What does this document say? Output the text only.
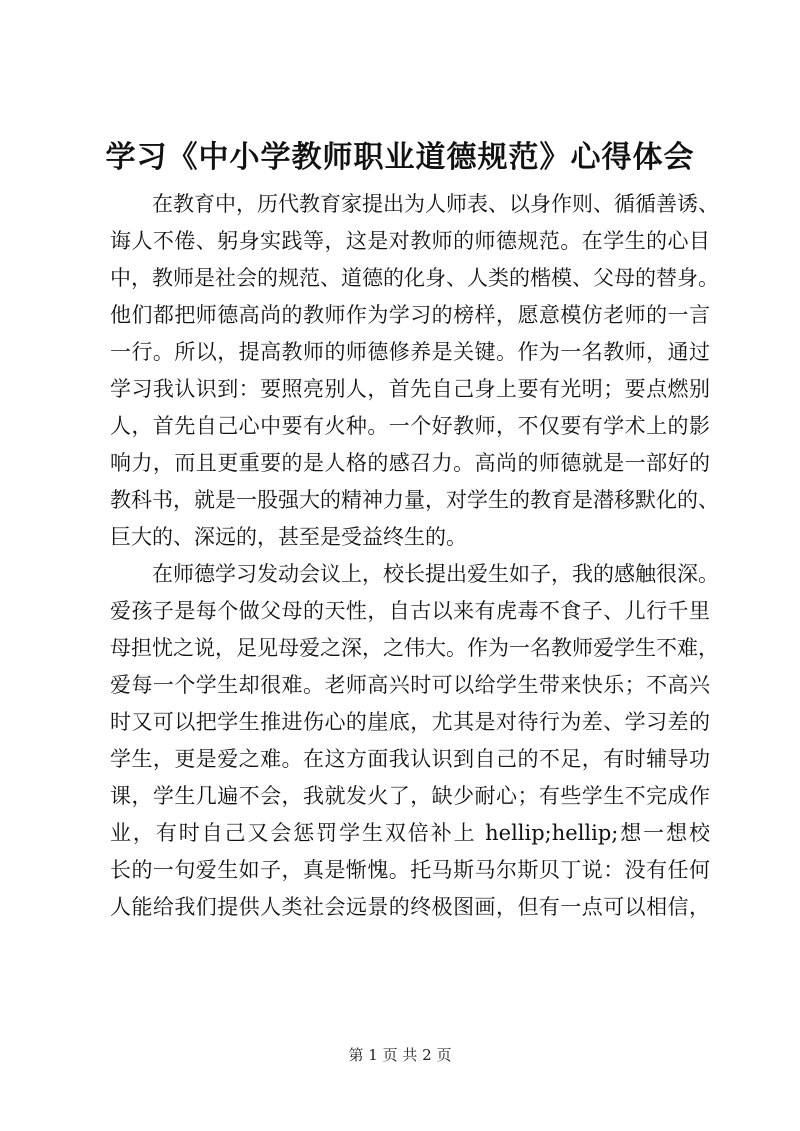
学习《中小学教师职业道德规范》心得体会
在教育中，历代教育家提出为人师表、以身作则、循循善诱、
诲人不倦、躬身实践等，这是对教师的师德规范。在学生的心目
中，教师是社会的规范、道德的化身、人类的楷模、父母的替身。
他们都把师德高尚的教师作为学习的榜样，愿意模仿老师的一言
一行。所以，提高教师的师德修养是关键。作为一名教师，通过
学习我认识到：要照亮别人，首先自己身上要有光明；要点燃别
人，首先自己心中要有火种。一个好教师，不仅要有学术上的影
响力，而且更重要的是人格的感召力。高尚的师德就是一部好的
教科书，就是一股强大的精神力量，对学生的教育是潜移默化的、
巨大的、深远的，甚至是受益终生的。
在师德学习发动会议上，校长提出爱生如子，我的感触很深。
爱孩子是每个做父母的天性，自古以来有虎毒不食子、儿行千里
母担忧之说，足见母爱之深，之伟大。作为一名教师爱学生不难，
爱每一个学生却很难。老师高兴时可以给学生带来快乐；不高兴
时又可以把学生推进伤心的崖底，尤其是对待行为差、学习差的
学生，更是爱之难。在这方面我认识到自己的不足，有时辅导功
课，学生几遍不会，我就发火了，缺少耐心；有些学生不完成作
业，有时自己又会惩罚学生双倍补上 hellip;hellip;想一想校
长的一句爱生如子，真是惭愧。托马斯马尔斯贝丁说：没有任何
人能给我们提供人类社会远景的终极图画，但有一点可以相信，
第 1 页 共 2 页
